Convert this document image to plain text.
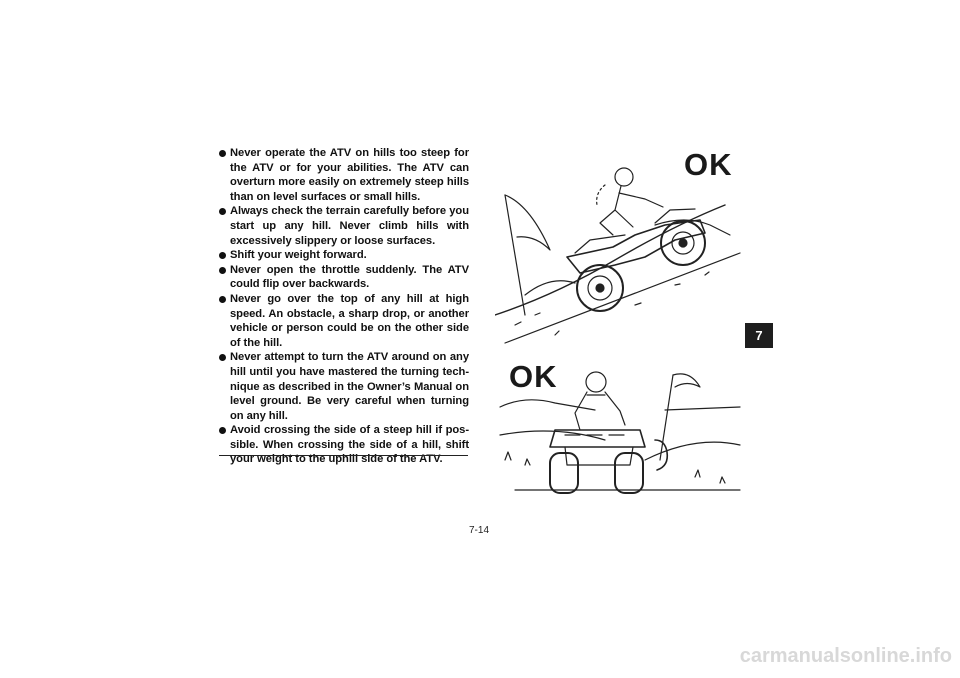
Never operate the ATV on hills too steep for the ATV or for your abilities. The ATV can overturn more easily on extremely steep hills than on level surfaces or small hills.
Always check the terrain carefully before you start up any hill. Never climb hills with excessively slippery or loose surfaces.
Shift your weight forward.
Never open the throttle suddenly. The ATV could flip over backwards.
Never go over the top of any hill at high speed. An obstacle, a sharp drop, or another vehicle or person could be on the other side of the hill.
Never attempt to turn the ATV around on any hill until you have mastered the turning tech-nique as described in the Owner’s Manual on level ground. Be very careful when turning on any hill.
Avoid crossing the side of a steep hill if pos-sible. When crossing the side of a hill, shift your weight to the uphill side of the ATV.
OK
OK
7
7-14
carmanualsonline.info
